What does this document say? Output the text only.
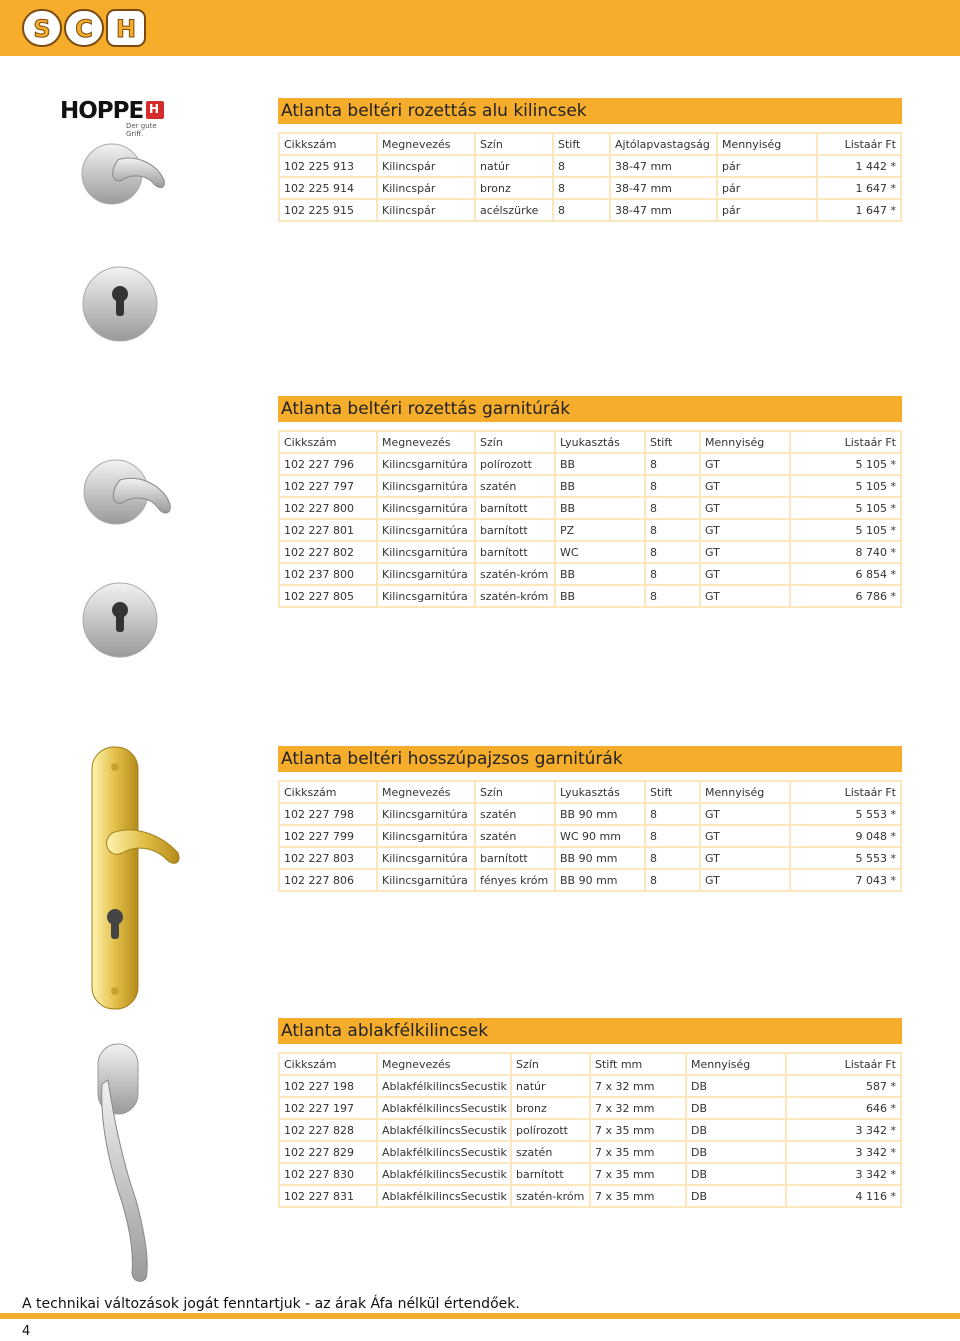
S C H
HOPPE H
Der gute Griff.
Atlanta beltéri rozettás alu kilincsek
Cikkszám	Megnevezés	Szín	Stift	Ajtólapvastagság	Mennyiség	Listaár Ft
102 225 913	Kilincspár	natúr	8	38-47 mm	pár	1 442 *
102 225 914	Kilincspár	bronz	8	38-47 mm	pár	1 647 *
102 225 915	Kilincspár	acélszürke	8	38-47 mm	pár	1 647 *
Atlanta beltéri rozettás garnitúrák
Cikkszám	Megnevezés	Szín	Lyukasztás	Stift	Mennyiség	Listaár Ft
102 227 796	Kilincsgarnitúra	polírozott	BB	8	GT	5 105 *
102 227 797	Kilincsgarnitúra	szatén	BB	8	GT	5 105 *
102 227 800	Kilincsgarnitúra	barnított	BB	8	GT	5 105 *
102 227 801	Kilincsgarnitúra	barnított	PZ	8	GT	5 105 *
102 227 802	Kilincsgarnitúra	barnított	WC	8	GT	8 740 *
102 237 800	Kilincsgarnitúra	szatén-króm	BB	8	GT	6 854 *
102 227 805	Kilincsgarnitúra	szatén-króm	BB	8	GT	6 786 *
Atlanta beltéri hosszúpajzsos garnitúrák
Cikkszám	Megnevezés	Szín	Lyukasztás	Stift	Mennyiség	Listaár Ft
102 227 798	Kilincsgarnitúra	szatén	BB 90 mm	8	GT	5 553 *
102 227 799	Kilincsgarnitúra	szatén	WC 90 mm	8	GT	9 048 *
102 227 803	Kilincsgarnitúra	barnított	BB 90 mm	8	GT	5 553 *
102 227 806	Kilincsgarnitúra	fényes króm	BB 90 mm	8	GT	7 043 *
Atlanta ablakfélkilincsek
Cikkszám	Megnevezés	Szín	Stift mm	Mennyiség	Listaár Ft
102 227 198	AblakfélkilincsSecustik	natúr	7 x 32 mm	DB	587 *
102 227 197	AblakfélkilincsSecustik	bronz	7 x 32 mm	DB	646 *
102 227 828	AblakfélkilincsSecustik	polírozott	7 x 35 mm	DB	3 342 *
102 227 829	AblakfélkilincsSecustik	szatén	7 x 35 mm	DB	3 342 *
102 227 830	AblakfélkilincsSecustik	barnított	7 x 35 mm	DB	3 342 *
102 227 831	AblakfélkilincsSecustik	szatén-króm	7 x 35 mm	DB	4 116 *
A technikai változások jogát fenntartjuk - az árak Áfa nélkül értendőek.
4
